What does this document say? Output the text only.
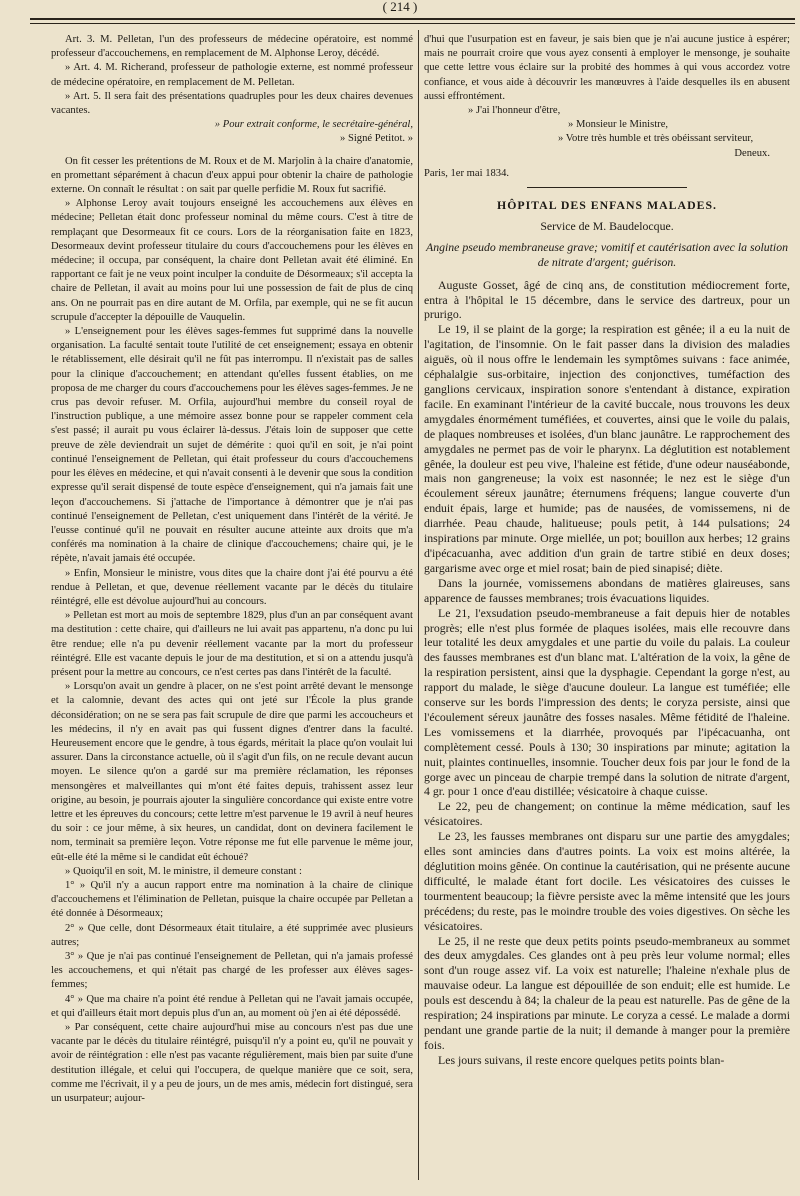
( 214 )

Art. 3. M. Pelletan, l'un des professeurs de médecine opératoire, est nommé professeur d'accouchemens, en remplacement de M. Alphonse Leroy, décédé.

» Art. 4. M. Richerand, professeur de pathologie externe, est nommé professeur de médecine opératoire, en remplacement de M. Pelletan.

» Art. 5. Il sera fait des présentations quadruples pour les deux chaires devenues vacantes.

» Pour extrait conforme, le secrétaire-général,

» Signé Petitot. »

On fit cesser les prétentions de M. Roux et de M. Marjolin à la chaire d'anatomie, en promettant séparément à chacun d'eux appui pour obtenir la chaire de pathologie externe. On connaît le résultat : on sait par quelle perfidie M. Roux fut sacrifié.

» Alphonse Leroy avait toujours enseigné les accouchemens aux élèves en médecine; Pelletan était donc professeur nominal du même cours. C'est à titre de remplaçant que Desormeaux fit ce cours. Lors de la réorganisation faite en 1823, Desormeaux devint professeur titulaire du cours d'accouchemens pour les élèves en médecine; il occupa, par conséquent, la chaire dont Pelletan avait été éliminé. En rapportant ce fait je ne veux point inculper la conduite de Désormeaux; s'il accepta la chaire de Pelletan, il avait au moins pour lui une possession de fait de plus de cinq ans. On ne pourrait pas en dire autant de M. Orfila, par exemple, qui ne se fit aucun scrupule d'accepter la dépouille de Vauquelin.

» L'enseignement pour les élèves sages-femmes fut supprimé dans la nouvelle organisation. La faculté sentait toute l'utilité de cet enseignement; essaya en obtenir le rétablissement, elle désirait qu'il ne fût pas interrompu. Il n'existait pas de salles pour la clinique d'accouchement; en attendant qu'elles fussent établies, on me proposa de me charger du cours d'accouchemens pour les élèves sages-femmes. Je ne crus pas devoir refuser. M. Orfila, aujourd'hui membre du conseil royal de l'instruction publique, a une mémoire assez bonne pour se rappeler comment cela s'est passé; il aurait pu vous éclairer là-dessus. J'étais loin de supposer que cette preuve de zèle deviendrait un sujet de démérite : quoi qu'il en soit, je n'ai point continué l'enseignement de Pelletan, qui était professeur du cours d'accouchemens pour les élèves en médecine, et qui n'avait consenti à le devenir que sous la condition expresse qu'il serait dispensé de toute espèce d'enseignement, qui n'a jamais fait une leçon d'accouchemens. Si j'attache de l'importance à démontrer que je n'ai pas continué l'enseignement de Pelletan, c'est uniquement dans l'intérêt de la vérité. Je l'eusse continué qu'il ne pouvait en résulter aucune atteinte aux droits que m'a conférés ma nomination à la chaire de clinique d'accouchemens; chaire qui, je le répète, n'avait jamais été occupée.

» Enfin, Monsieur le ministre, vous dites que la chaire dont j'ai été pourvu a été rendue à Pelletan, et que, devenue réellement vacante par le décès du titulaire réintégré, elle est dévolue aujourd'hui au concours.

» Pelletan est mort au mois de septembre 1829, plus d'un an par conséquent avant ma destitution : cette chaire, qui d'ailleurs ne lui avait pas appartenu, n'a donc pu lui être rendue; elle n'a pu devenir réellement vacante par la mort du professeur réintégré. Elle est vacante depuis le jour de ma destitution, et si on a attendu jusqu'à présent pour la mettre au concours, ce n'est certes pas dans l'intérêt de la faculté.

» Lorsqu'on avait un gendre à placer, on ne s'est point arrêté devant le mensonge et la calomnie, devant des actes qui ont jeté sur l'École la plus grande déconsidération; on ne se sera pas fait scrupule de dire que parmi les accoucheurs et les médecins, il n'y en avait pas qui fussent dignes d'entrer dans la faculté. Heureusement encore que le gendre, à tous égards, méritait la place qu'on voulait lui assurer. Dans la circonstance actuelle, où il s'agit d'un fils, on ne recule devant aucun moyen. Le silence qu'on a gardé sur ma première réclamation, les réponses mensongères et malveillantes qui m'ont été faites depuis, trahissent assez leur origine, au besoin, je pourrais ajouter la singulière concordance qui existe entre votre lettre et les épreuves du concours; cette lettre m'est parvenue le 19 avril à neuf heures du soir : ce jour même, à six heures, un candidat, dont on devinera facilement le nom, terminait sa première leçon. Votre réponse me fut elle parvenue le même jour, eût-elle été la même si le candidat eût échoué?

» Quoiqu'il en soit, M. le ministre, il demeure constant :

1° » Qu'il n'y a aucun rapport entre ma nomination à la chaire de clinique d'accouchemens et l'élimination de Pelletan, puisque la chaire occupée par Pelletan a été donnée à Désormeaux;

2° » Que celle, dont Désormeaux était titulaire, a été supprimée avec plusieurs autres;

3° » Que je n'ai pas continué l'enseignement de Pelletan, qui n'a jamais professé les accouchemens, et qui n'était pas chargé de les professer aux élèves sages-femmes;

4° » Que ma chaire n'a point été rendue à Pelletan qui ne l'avait jamais occupée, et qui d'ailleurs était mort depuis plus d'un an, au moment où j'en ai été dépossédé.

» Par conséquent, cette chaire aujourd'hui mise au concours n'est pas due une vacante par le décès du titulaire réintégré, puisqu'il n'y a point eu, qu'il ne pouvait y avoir de réintégration : elle n'est pas vacante régulièrement, mais bien par suite d'une destitution illégale, et celui qui l'occupera, de quelque manière que ce soit, sera, comme me l'écrivait, il y a peu de jours, un de mes amis, médecin fort distingué, sera un usurpateur; aujour-

d'hui que l'usurpation est en faveur, je sais bien que je n'ai aucune justice à espérer; mais ne pourrait croire que vous ayez consenti à employer le mensonge, je souhaite que cette lettre vous éclaire sur la probité des hommes à qui vous accordez votre confiance, et vous aide à découvrir les manœuvres à l'aide desquelles ils en abusent aussi effrontément.

» J'ai l'honneur d'être,

» Monsieur le Ministre,

» Votre très humble et très obéissant serviteur,

Deneux.

Paris, 1er mai 1834.

HÔPITAL DES ENFANS MALADES.

Service de M. Baudelocque.

Angine pseudo membraneuse grave; vomitif et cautérisation avec la solution de nitrate d'argent; guérison.

Auguste Gosset, âgé de cinq ans, de constitution médiocrement forte, entra à l'hôpital le 15 décembre, dans le service des dartreux, pour un prurigo.

Le 19, il se plaint de la gorge; la respiration est gênée; il a eu la nuit de l'agitation, de l'insomnie. On le fait passer dans la division des maladies aiguës, où il nous offre le lendemain les symptômes suivans : face animée, céphalalgie sus-orbitaire, injection des conjonctives, tuméfaction des ganglions cervicaux, inspiration sonore s'entendant à distance, expiration facile. En examinant l'intérieur de la cavité buccale, nous trouvons les deux amygdales énormément tuméfiées, et couvertes, ainsi que le voile du palais, de plaques nombreuses et isolées, d'un blanc jaunâtre. Le rapprochement des amygdales ne permet pas de voir le pharynx. La déglutition est notablement gênée, la douleur est peu vive, l'haleine est fétide, d'une odeur nauséabonde, mais non gangreneuse; la voix est nasonnée; le nez est le siège d'un écoulement séreux jaunâtre; éternumens fréquens; langue couverte d'un enduit épais, large et humide; pas de nausées, de vomissemens, ni de diarrhée. Peau chaude, halitueuse; pouls petit, à 144 pulsations; 24 inspirations par minute. Orge miellée, un pot; bouillon aux herbes; 12 grains d'ipécacuanha, avec addition d'un grain de tartre stibié en deux doses; gargarisme avec orge et miel rosat; bain de pied sinapisé; diète.

Dans la journée, vomissemens abondans de matières glaireuses, sans apparence de fausses membranes; trois évacuations liquides.

Le 21, l'exsudation pseudo-membraneuse a fait depuis hier de notables progrès; elle n'est plus formée de plaques isolées, mais elle recouvre dans leur totalité les deux amygdales et une partie du voile du palais. La couleur des fausses membranes est d'un blanc mat. L'altération de la voix, la gêne de la respiration persistent, ainsi que la dysphagie. Cependant la gorge n'est, au rapport du malade, le siège d'aucune douleur. La langue est tuméfiée; elle conserve sur les bords l'impression des dents; le coryza persiste, ainsi que l'écoulement séreux jaunâtre des fosses nasales. Même fétidité de l'haleine. Les vomissemens et la diarrhée, provoqués par l'ipécacuanha, ont complètement cessé. Pouls à 130; 30 inspirations par minute; agitation la nuit, plaintes continuelles, insomnie. Toucher deux fois par jour le fond de la gorge avec un pinceau de charpie trempé dans la solution de nitrate d'argent, 4 gr. pour 1 once d'eau distillée; vésicatoire à chaque cuisse.

Le 22, peu de changement; on continue la même médication, sauf les vésicatoires.

Le 23, les fausses membranes ont disparu sur une partie des amygdales; elles sont amincies dans d'autres points. La voix est moins altérée, la déglutition moins gênée. On continue la cautérisation, qui ne présente aucune difficulté, le malade étant fort docile. Les vésicatoires des cuisses le tourmentent beaucoup; la fièvre persiste avec la même intensité que les jours précédens; du reste, pas le moindre trouble des voies digestives. On sèche les vésicatoires.

Le 25, il ne reste que deux petits points pseudo-membraneux au sommet des deux amygdales. Ces glandes ont à peu près leur volume normal; elles sont d'un rouge assez vif. La voix est naturelle; l'haleine n'exhale plus de mauvaise odeur. La langue est dépouillée de son enduit; elle est humide. Le pouls est descendu à 84; la chaleur de la peau est naturelle. Pas de gêne de la respiration; 24 inspirations par minute. Le coryza a cessé. Le malade a dormi pendant une grande partie de la nuit; il demande à manger pour la première fois.

Les jours suivans, il reste encore quelques petits points blan-
